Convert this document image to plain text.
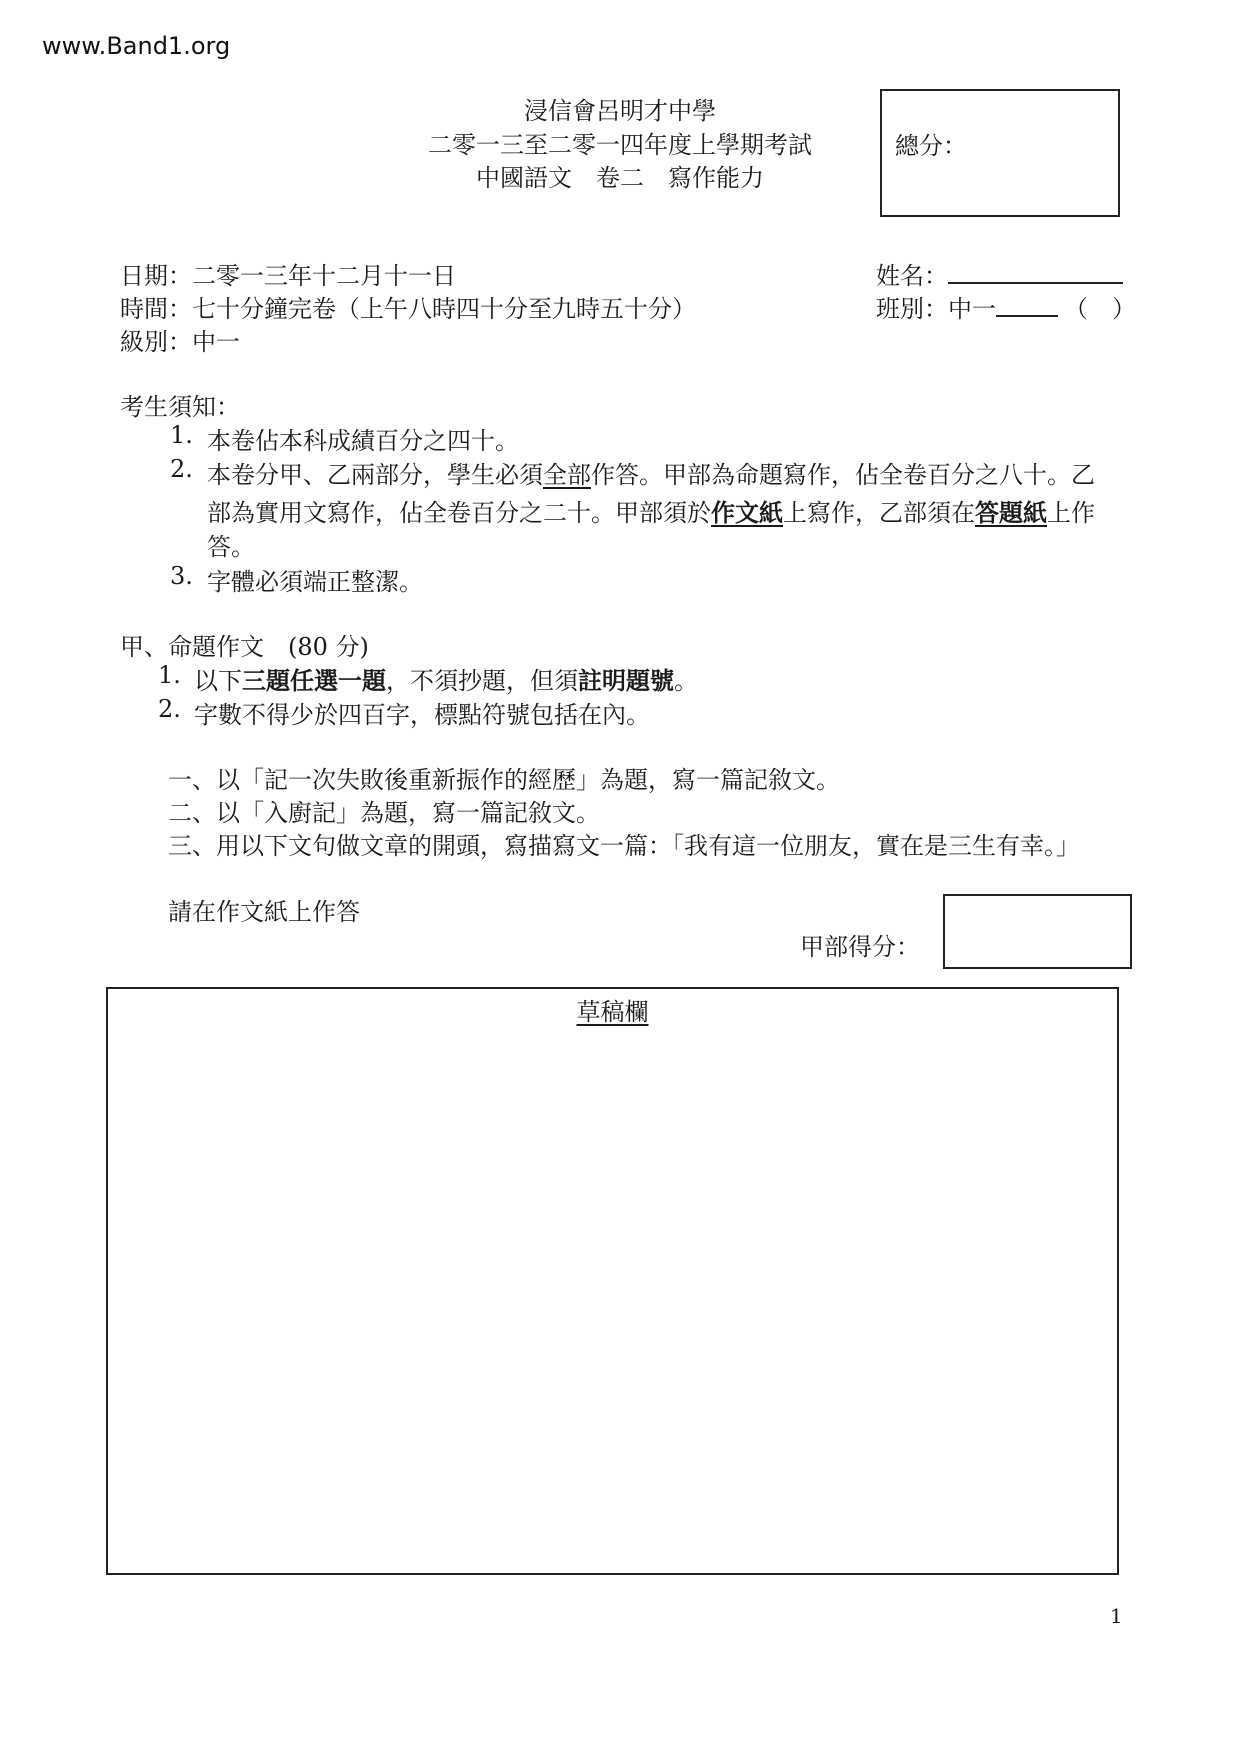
www.Band1.org
浸信會呂明才中學
二零一三至二零一四年度上學期考試
中國語文　卷二　寫作能力
總分：
日期：二零一三年十二月十一日
時間：七十分鐘完卷（上午八時四十分至九時五十分）
級別：中一
姓名：
班別：中一	（　）
考生須知：
1. 本卷佔本科成績百分之四十。
2. 本卷分甲、乙兩部分，學生必須全部作答。甲部為命題寫作，佔全卷百分之八十。乙
部為實用文寫作，佔全卷百分之二十。甲部須於作文紙上寫作，乙部須在答題紙上作
答。
3. 字體必須端正整潔。
甲、命題作文　(80 分)
1. 以下三題任選一題，不須抄題，但須註明題號。
2. 字數不得少於四百字，標點符號包括在內。
一、以「記一次失敗後重新振作的經歷」為題，寫一篇記敘文。
二、以「入廚記」為題，寫一篇記敘文。
三、用以下文句做文章的開頭，寫描寫文一篇：「我有這一位朋友，實在是三生有幸。」
請在作文紙上作答
甲部得分：
草稿欄
1
